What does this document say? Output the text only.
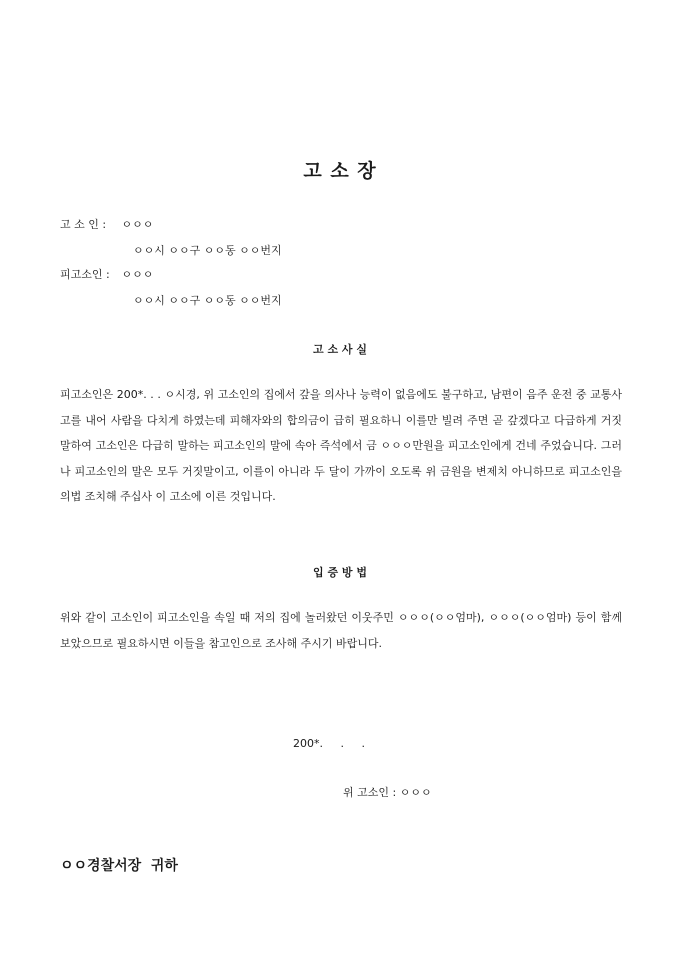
고 소 장
고 소 인 : ㅇㅇㅇ
ㅇㅇ시 ㅇㅇ구 ㅇㅇ동 ㅇㅇ번지
피고소인 : ㅇㅇㅇ
ㅇㅇ시 ㅇㅇ구 ㅇㅇ동 ㅇㅇ번지
고 소 사 실
피고소인은 200*. . . ㅇ시경, 위 고소인의 집에서 갚을 의사나 능력이 없음에도 불구하고, 남편이 음주 운전 중 교통사고를 내어 사람을 다치게 하였는데 피해자와의 합의금이 급히 필요하니 이를만 빌려 주면 곧 갚겠다고 다급하게 거짓말하여 고소인은 다급히 말하는 피고소인의 말에 속아 즉석에서 금 ㅇㅇㅇ만원을 피고소인에게 건네 주었습니다. 그러나 피고소인의 말은 모두 거짓말이고, 이를이 아니라 두 달이 가까이 오도록 위 금원을 변제치 아니하므로 피고소인을 의법 조치해 주십사 이 고소에 이른 것입니다.
입 증 방 법
위와 같이 고소인이 피고소인을 속일 때 저의 집에 놀러왔던 이웃주민 ㅇㅇㅇ(ㅇㅇ엄마), ㅇㅇㅇ(ㅇㅇ엄마) 등이 함께 보았으므로 필요하시면 이들을 참고인으로 조사해 주시기 바랍니다.
200*.     .     .
위 고소인 : ㅇㅇㅇ
ㅇㅇ경찰서장  귀하
